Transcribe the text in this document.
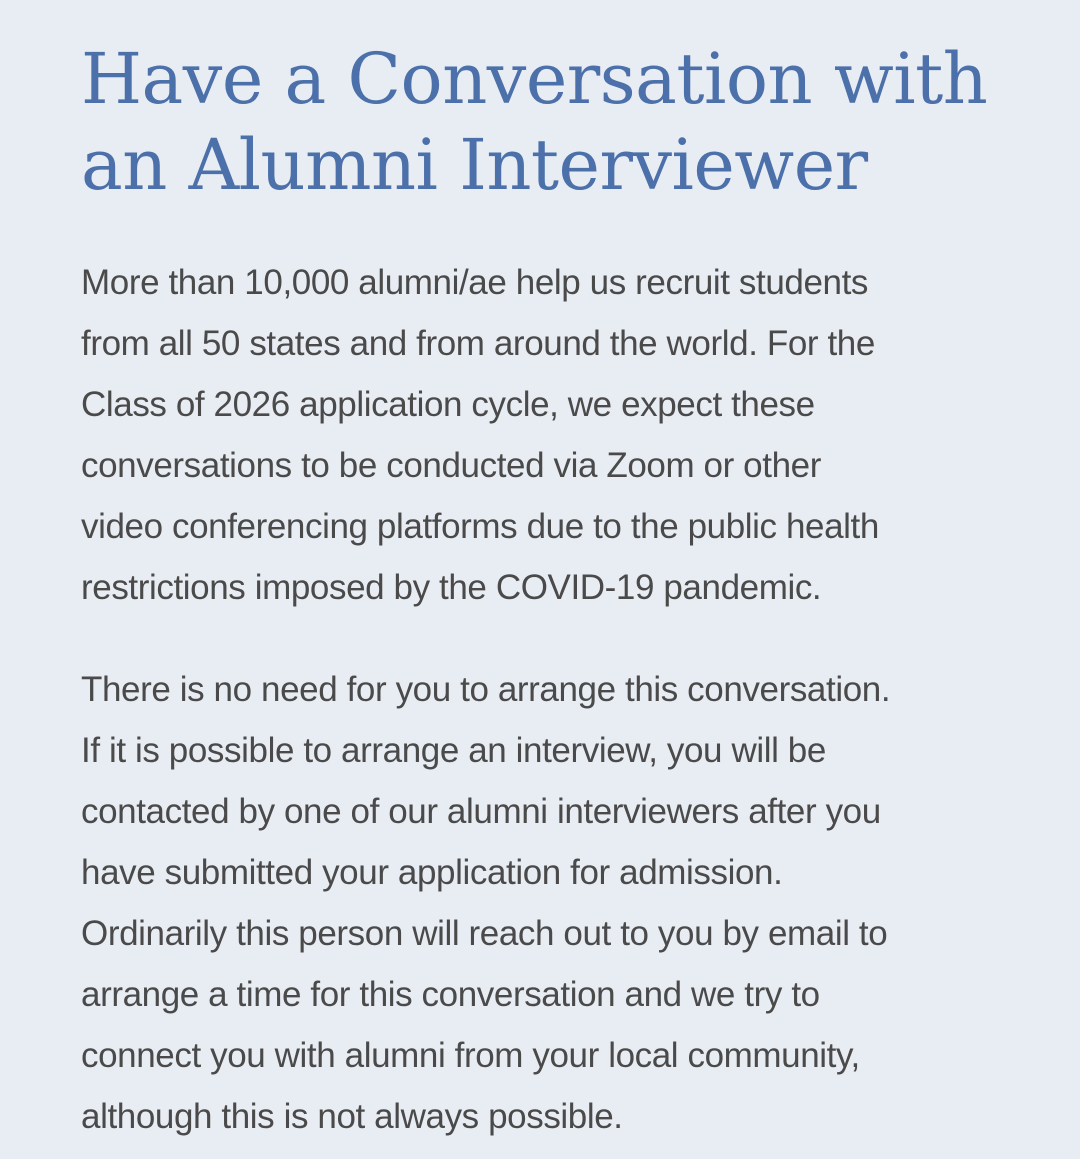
Have a Conversation with
an Alumni Interviewer

More than 10,000 alumni/ae help us recruit students
from all 50 states and from around the world. For the
Class of 2026 application cycle, we expect these
conversations to be conducted via Zoom or other
video conferencing platforms due to the public health
restrictions imposed by the COVID-19 pandemic.

There is no need for you to arrange this conversation.
If it is possible to arrange an interview, you will be
contacted by one of our alumni interviewers after you
have submitted your application for admission.
Ordinarily this person will reach out to you by email to
arrange a time for this conversation and we try to
connect you with alumni from your local community,
although this is not always possible.
